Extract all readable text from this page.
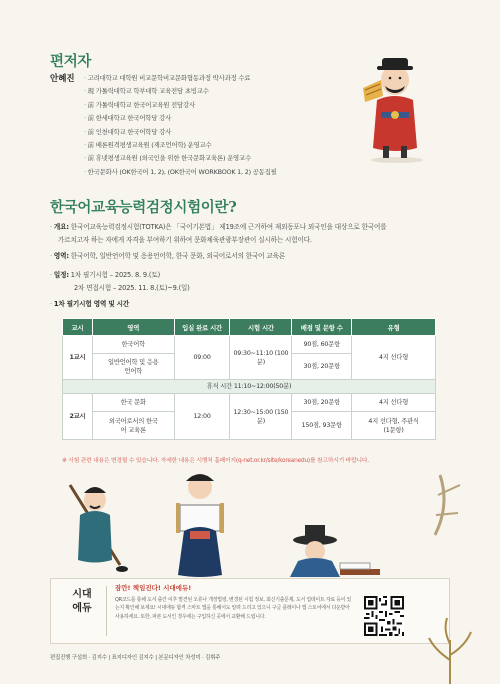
편저자
안혜진	· 고려대학교 대학원 비교문학비교문화협동과정 박사과정 수료
· 現 가톨릭대학교 학부대학 교육전담 초빙교수
· 前 가톨릭대학교 한국어교육원 전담강사
· 前 한세대학교 한국어학당 강사
· 前 인천대학교 한국어학당 강사
· 前 배론원격평생교육원 (재조언어학) 운영교수
· 前 휴넷평생교육원 (외국인을 위한 한국문화교육론) 운영교수
· 한국문화사 (OK한국어 1, 2), (OK한국어 WORKBOOK 1, 2) 공동집필
한국어교육능력검정시험이란?
· 개요: 한국어교육능력검정시험(TOTKA)은 「국어기본법」 제19조에 근거하여 재외동포나 외국인을 대상으로 한국어를
가르치고자 하는 자에게 자격을 부여하기 위하여 문화체육관광부장관이 실시하는 시험이다.
· 영역: 한국어학, 일반언어학 및 응용언어학, 한국 문화, 외국어로서의 한국어 교육론
· 일정: 1차 필기시험 – 2025. 8. 9.(토)
2차 면접시험 – 2025. 11. 8.(토)~9.(일)
· 1차 필기시험 영역 및 시간
교시	영역	입실 완료 시간	시험 시간	배점 및 문항 수	유형
1교시	한국어학	09:00	09:30~11:10 (100분)	90점, 60문항	4지 선다형
	일반언어학 및 응용언어학			30점, 20문항	
휴식 시간 11:10~12:00(50분)					
2교시	한국 문화	12:00	12:30~15:00 (150분)	30점, 20문항	4지 선다형
	외국어로서의 한국어 교육론			150점, 93문항	4지 선다형, 주관식(1문항)
※ 시험 관련 내용은 변경될 수 있습니다. 자세한 내용은 시행처 홈페이지(q-net.or.kr/site/koreanedu)를 참고하시기 바랍니다.
시대
에듀
잠깐! 책임진다! 시대에듀!
QR코드를 통해 도서 출간 이후 발견된 오류나 개정법령, 변경된 시험 정보, 최신기출문제, 도서 업데이트 자료 등이 있는지 확인해 보세요! 시대에듀 합격 스마트 앱을 통해서도 알려 드리고 있으니 구글 플레이나 앱 스토어에서 다운받아 사용하세요. 또한, 파본 도서인 경우에는 구입하신 곳에서 교환해 드립니다.
편집진행 구설희 · 김지수 | 표지디자인 김지수 | 본문디자인 차성미 · 김휘주
